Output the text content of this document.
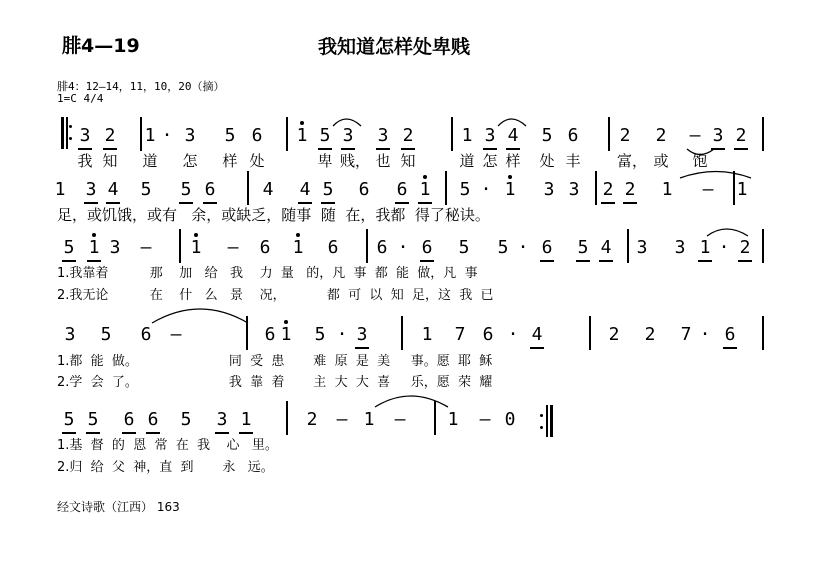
腓4—19	我知道怎样处卑贱
腓4：12—14，11，10，20（摘）
1=C 4/4
3 2 1 · 3 5 6 1 5 3 3 2	1 3 4 5 6 2 2 – 3 2
1 3 4 5 5 6	4 4 5 6 6 1 5 · 1 3 3 2 2 1 – 1
5 1 3 – 1 – 6 1 6 6 · 6 5 5 · 6 5 4 3 3 1 · 2
3 5 6 –	6 1 5 · 3	1 7 6 · 4	2 2 7 · 6
5 5 6 6 5 3 1	2 – 1 – 1 – 0
我 知 道 怎 样 处	卑 贱， 也 知	道 怎 样 处 丰 富， 或 饱
足，或饥饿，或有   余，或缺乏，随事  随  在，我都  得了秘诀。
1.我靠着          那    加   给   我    力  量   的，凡  事  都  能  做，凡  事
2.我无论          在    什   么   景    况，          都  可  以  知  足，这  我  已
1.都  能  做。                      同  受  患       难  原  是  美     事。愿  耶  稣
2.学  会  了。                      我  靠  着       主  大  大  喜     乐，愿  荣  耀
1.基  督  的  恩  常  在  我    心   里。
2.归  给  父  神，直  到       永   远。
经文诗歌（江西） 163
